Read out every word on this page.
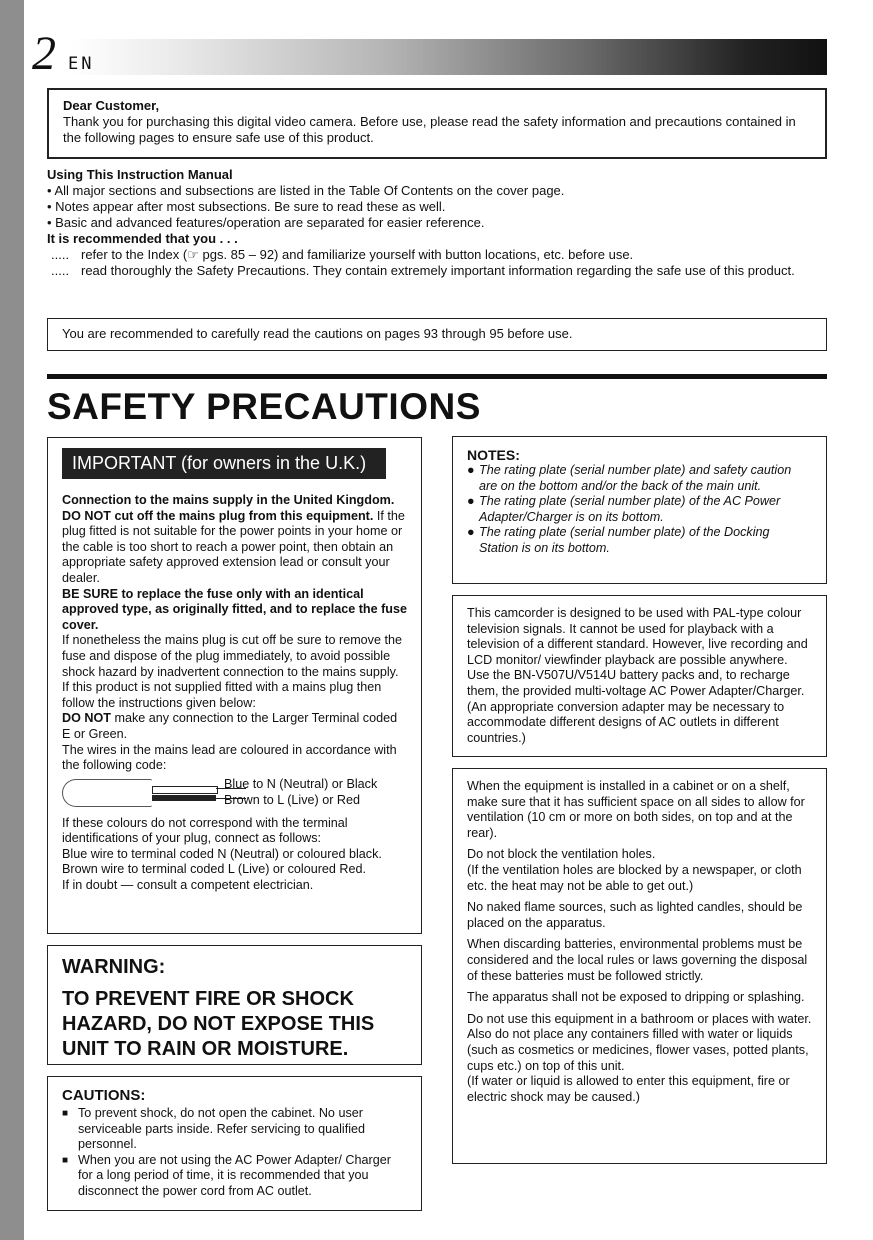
2 EN

Dear Customer,

Thank you for purchasing this digital video camera. Before use, please read the safety information and precautions contained in the following pages to ensure safe use of this product.

Using This Instruction Manual

• All major sections and subsections are listed in the Table Of Contents on the cover page.

• Notes appear after most subsections. Be sure to read these as well.

• Basic and advanced features/operation are separated for easier reference.

It is recommended that you . . .

..... refer to the Index (☞ pgs. 85 – 92) and familiarize yourself with button locations, etc. before use.
..... read thoroughly the Safety Precautions. They contain extremely important information regarding the safe use of this product.

You are recommended to carefully read the cautions on pages 93 through 95 before use.

SAFETY PRECAUTIONS
IMPORTANT (for owners in the U.K.)

Connection to the mains supply in the United Kingdom.

DO NOT cut off the mains plug from this equipment. If the plug fitted is not suitable for the power points in your home or the cable is too short to reach a power point, then obtain an appropriate safety approved extension lead or consult your dealer.

BE SURE to replace the fuse only with an identical approved type, as originally fitted, and to replace the fuse cover.

If nonetheless the mains plug is cut off be sure to remove the fuse and dispose of the plug immediately, to avoid possible shock hazard by inadvertent connection to the mains supply.

If this product is not supplied fitted with a mains plug then follow the instructions given below:

DO NOT make any connection to the Larger Terminal coded E or Green.

The wires in the mains lead are coloured in accordance with the following code:

Blue to N (Neutral) or Black
Brown to L (Live) or Red

If these colours do not correspond with the terminal identifications of your plug, connect as follows:

Blue wire to terminal coded N (Neutral) or coloured black.

Brown wire to terminal coded L (Live) or coloured Red.

If in doubt — consult a competent electrician.

WARNING:
TO PREVENT FIRE OR SHOCK HAZARD, DO NOT EXPOSE THIS UNIT TO RAIN OR MOISTURE.
CAUTIONS:
■ To prevent shock, do not open the cabinet. No user serviceable parts inside. Refer servicing to qualified personnel.
■ When you are not using the AC Power Adapter/ Charger for a long period of time, it is recommended that you disconnect the power cord from AC outlet.
NOTES:
● The rating plate (serial number plate) and safety caution are on the bottom and/or the back of the main unit.
● The rating plate (serial number plate) of the AC Power Adapter/Charger is on its bottom.
● The rating plate (serial number plate) of the Docking Station is on its bottom.

This camcorder is designed to be used with PAL-type colour television signals. It cannot be used for playback with a television of a different standard. However, live recording and LCD monitor/ viewfinder playback are possible anywhere. Use the BN-V507U/V514U battery packs and, to recharge them, the provided multi-voltage AC Power Adapter/Charger. (An appropriate conversion adapter may be necessary to accommodate different designs of AC outlets in different countries.)

When the equipment is installed in a cabinet or on a shelf, make sure that it has sufficient space on all sides to allow for ventilation (10 cm or more on both sides, on top and at the rear).

Do not block the ventilation holes.
(If the ventilation holes are blocked by a newspaper, or cloth etc. the heat may not be able to get out.)

No naked flame sources, such as lighted candles, should be placed on the apparatus.

When discarding batteries, environmental problems must be considered and the local rules or laws governing the disposal of these batteries must be followed strictly.

The apparatus shall not be exposed to dripping or splashing.

Do not use this equipment in a bathroom or places with water.
Also do not place any containers filled with water or liquids (such as cosmetics or medicines, flower vases, potted plants, cups etc.) on top of this unit.
(If water or liquid is allowed to enter this equipment, fire or electric shock may be caused.)
